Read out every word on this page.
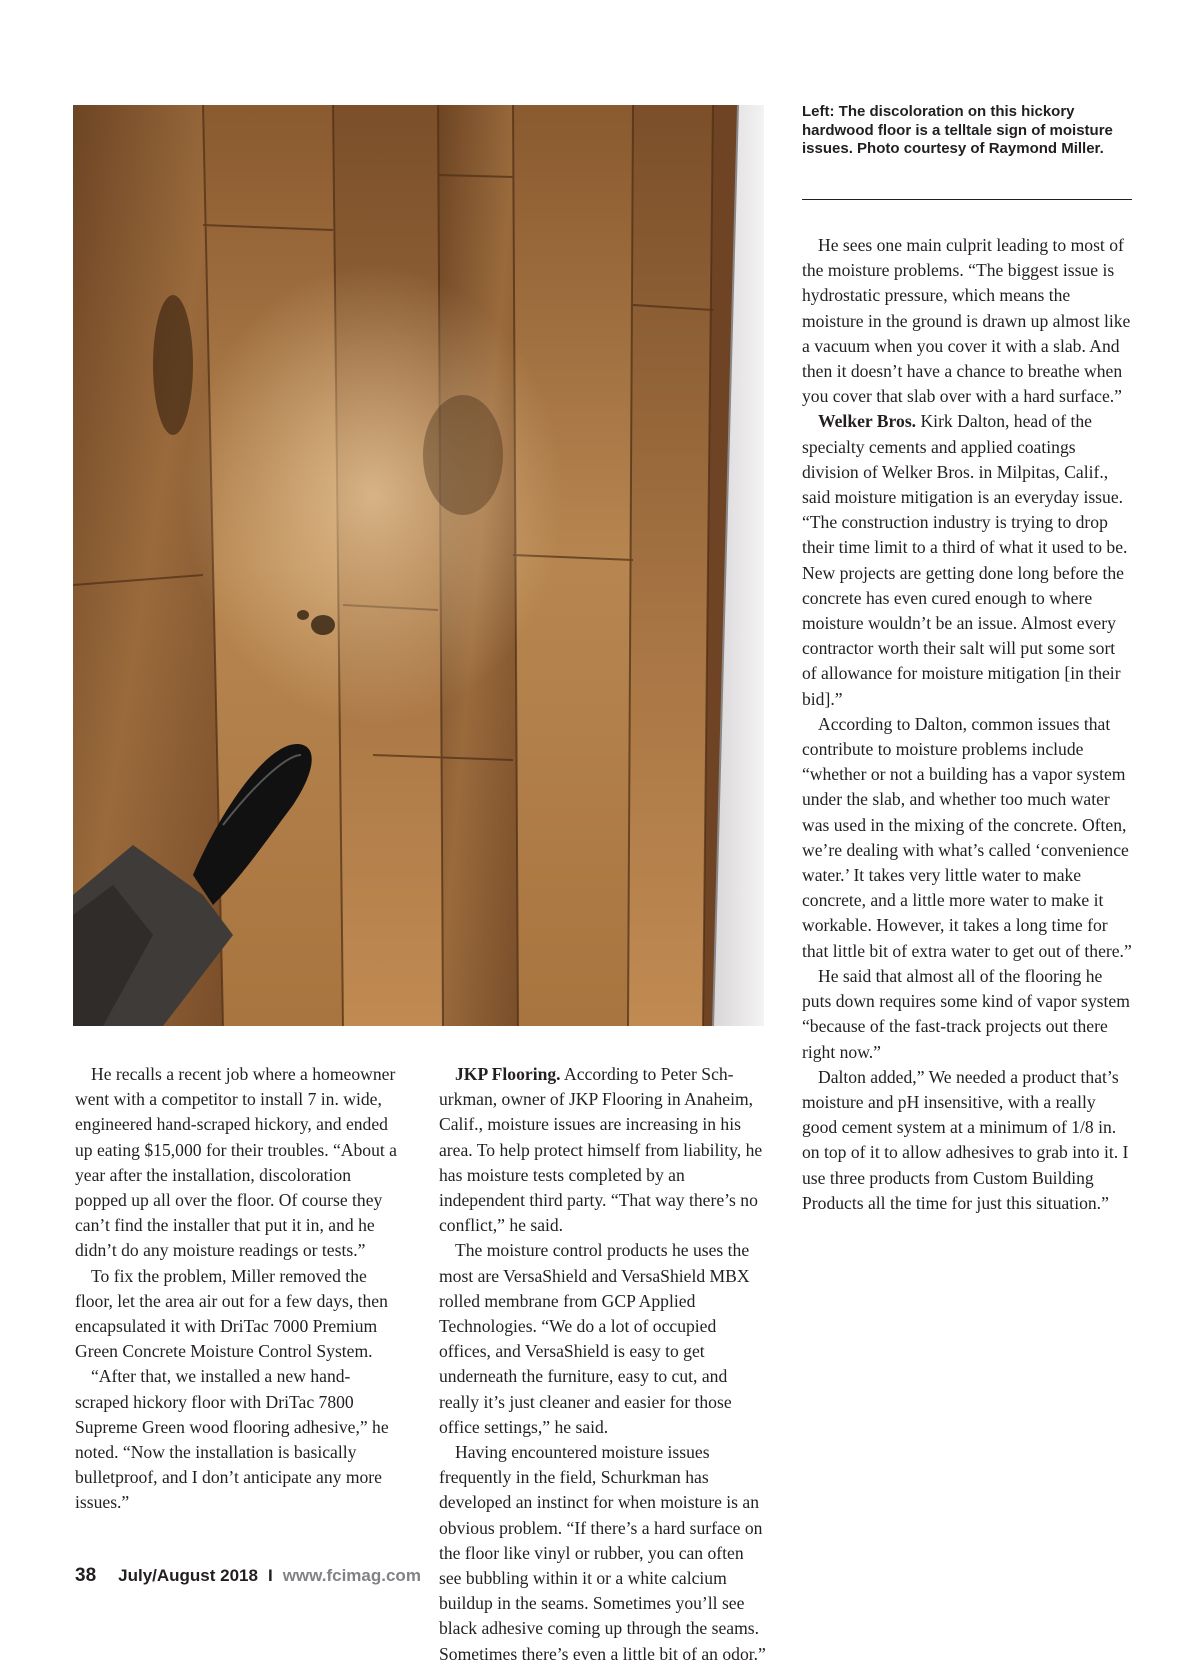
Left: The discoloration on this hickory hardwood floor is a telltale sign of moisture issues. Photo courtesy of Raymond Miller.

He recalls a recent job where a homeowner went with a competitor to install 7 in. wide, engineered hand-scraped hickory, and ended up eating $15,000 for their troubles. “About a year after the installation, discoloration popped up all over the floor. Of course they can’t find the installer that put it in, and he didn’t do any moisture readings or tests.”

To fix the problem, Miller removed the floor, let the area air out for a few days, then encapsulated it with DriTac 7000 Premium Green Concrete Moisture Control System.

“After that, we installed a new handscraped hickory floor with DriTac 7800 Supreme Green wood flooring adhesive,” he noted. “Now the installation is basically bulletproof, and I don’t anticipate any more issues.”

JKP Flooring. According to Peter Schurkman, owner of JKP Flooring in Anaheim, Calif., moisture issues are increasing in his area. To help protect himself from liability, he has moisture tests completed by an independent third party. “That way there’s no conflict,” he said.

The moisture control products he uses the most are VersaShield and VersaShield MBX rolled membrane from GCP Applied Technologies. “We do a lot of occupied offices, and VersaShield is easy to get underneath the furniture, easy to cut, and really it’s just cleaner and easier for those office settings,” he said.

Having encountered moisture issues frequently in the field, Schurkman has developed an instinct for when moisture is an obvious problem. “If there’s a hard surface on the floor like vinyl or rubber, you can often see bubbling within it or a white calcium buildup in the seams. Sometimes you’ll see black adhesive coming up through the seams. Sometimes there’s even a little bit of an odor.”

He sees one main culprit leading to most of the moisture problems. “The biggest issue is hydrostatic pressure, which means the moisture in the ground is drawn up almost like a vacuum when you cover it with a slab. And then it doesn’t have a chance to breathe when you cover that slab over with a hard surface.”

Welker Bros. Kirk Dalton, head of the specialty cements and applied coatings division of Welker Bros. in Milpitas, Calif., said moisture mitigation is an everyday issue. “The construction industry is trying to drop their time limit to a third of what it used to be. New projects are getting done long before the concrete has even cured enough to where moisture wouldn’t be an issue. Almost every contractor worth their salt will put some sort of allowance for moisture mitigation [in their bid].”

According to Dalton, common issues that contribute to moisture problems include “whether or not a building has a vapor system under the slab, and whether too much water was used in the mixing of the concrete. Often, we’re dealing with what’s called ‘convenience water.’ It takes very little water to make concrete, and a little more water to make it workable. However, it takes a long time for that little bit of extra water to get out of there.”

He said that almost all of the flooring he puts down requires some kind of vapor system “because of the fast-track projects out there right now.”

Dalton added,” We needed a product that’s moisture and pH insensitive, with a really good cement system at a minimum of 1/8 in. on top of it to allow adhesives to grab into it. I use three products from Custom Building Products all the time for just this situation.”

38 July/August 2018 I www.fcimag.com
